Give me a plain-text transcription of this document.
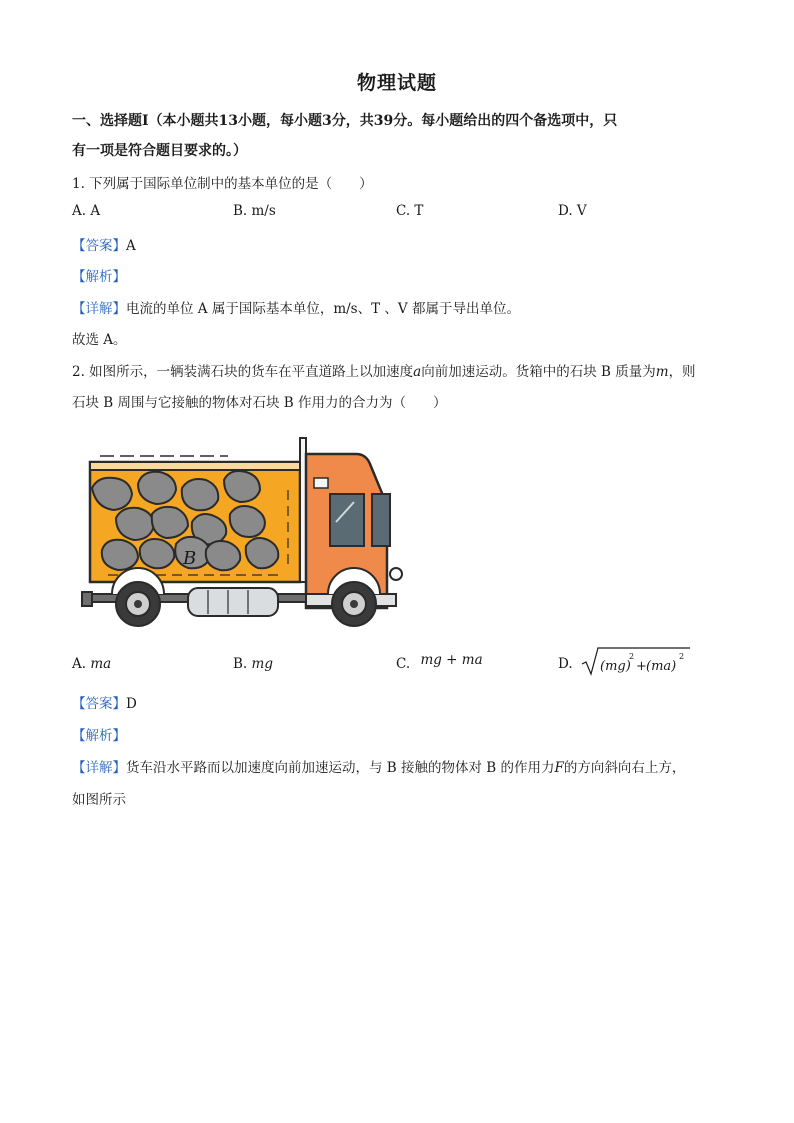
物理试题
一、选择题Ⅰ（本小题共13小题，每小题3分，共39分。每小题给出的四个备选项中，只
有一项是符合题目要求的。）
1. 下列属于国际单位制中的基本单位的是（　　）
A. A	B. m/s	C. T	D. V
【答案】A
【解析】
【详解】电流的单位 A 属于国际基本单位，m/s、T 、V 都属于导出单位。
故选 A。
2. 如图所示，一辆装满石块的货车在平直道路上以加速度a向前加速运动。货箱中的石块 B 质量为m，则
石块 B 周围与它接触的物体对石块 B 作用力的合力为（　　）
B
A. ma	B. mg	C. mg + ma	D. (mg)
2
+ (ma)
2
【答案】D
【解析】
【详解】货车沿水平路而以加速度向前加速运动，与 B 接触的物体对 B 的作用力F的方向斜向右上方，
如图所示
